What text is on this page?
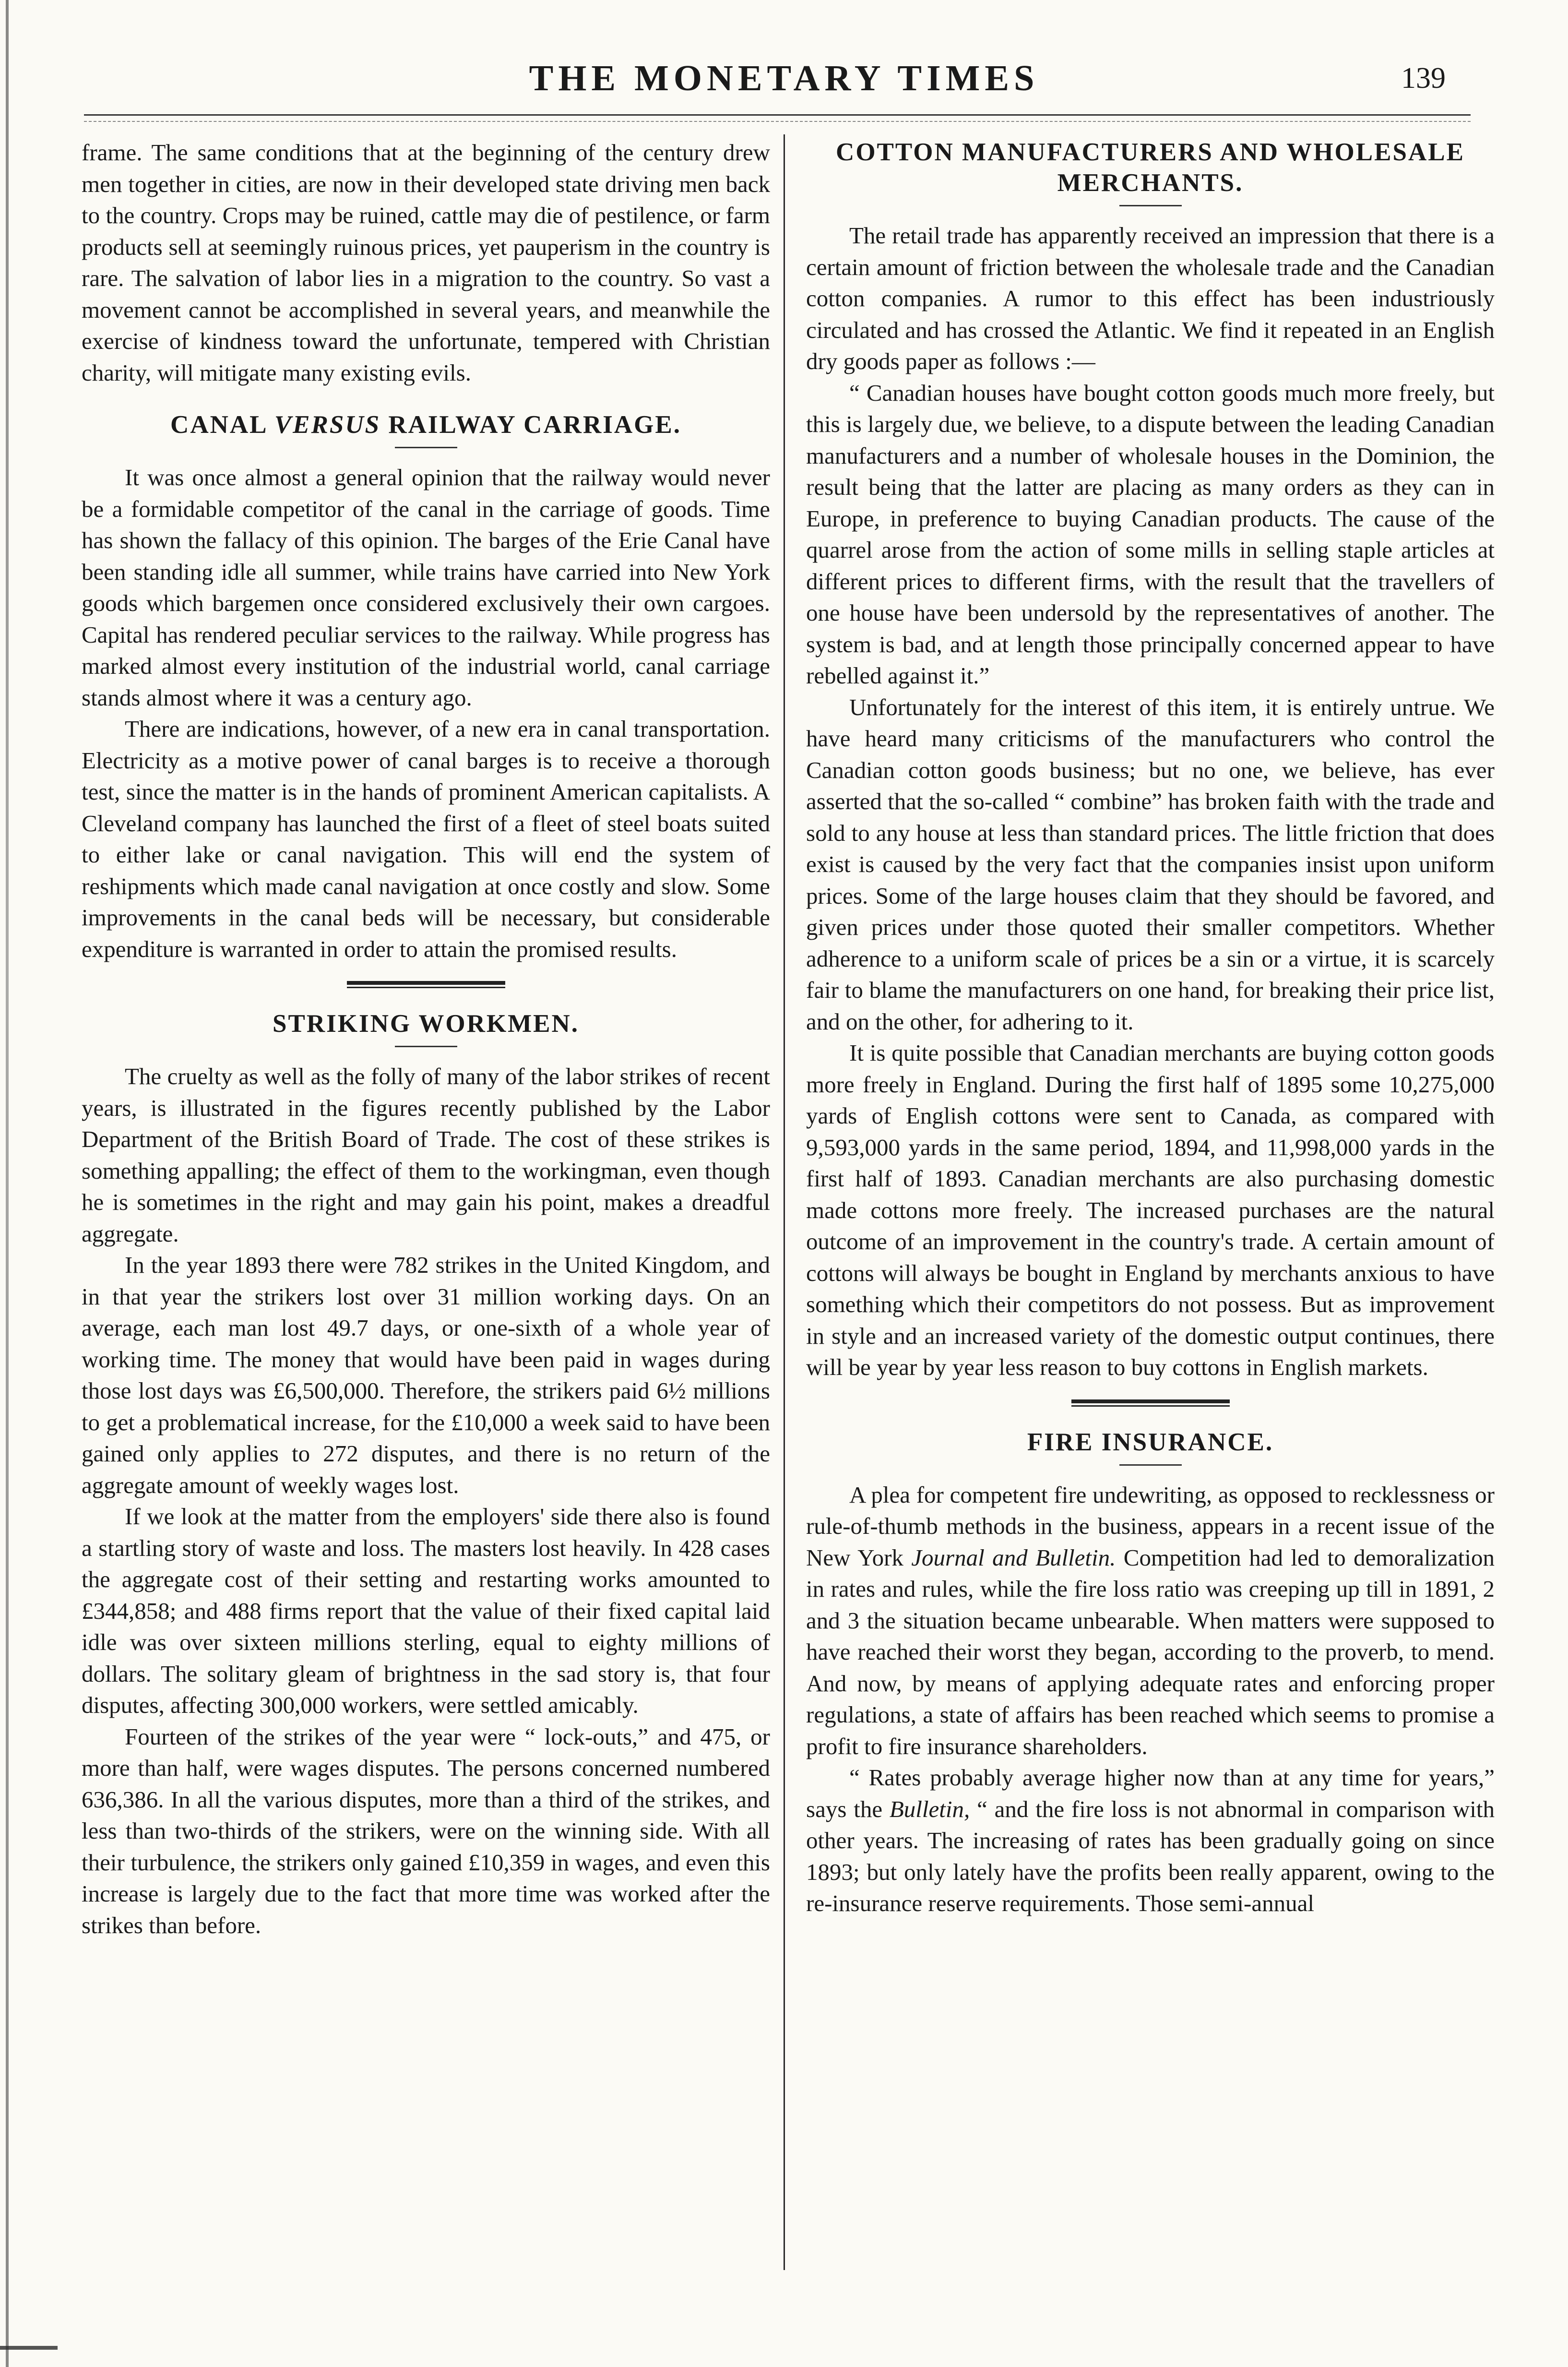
THE MONETARY TIMES	139

frame. The same conditions that at the beginning of the century drew men together in cities, are now in their developed state driving men back to the country. Crops may be ruined, cattle may die of pestilence, or farm products sell at seemingly ruinous prices, yet pauperism in the country is rare. The salvation of labor lies in a migration to the country. So vast a movement cannot be accomplished in several years, and meanwhile the exercise of kindness toward the unfortunate, tempered with Christian charity, will mitigate many existing evils.

CANAL VERSUS RAILWAY CARRIAGE.

It was once almost a general opinion that the railway would never be a formidable competitor of the canal in the carriage of goods. Time has shown the fallacy of this opinion. The barges of the Erie Canal have been standing idle all summer, while trains have carried into New York goods which bargemen once considered exclusively their own cargoes. Capital has rendered peculiar services to the railway. While progress has marked almost every institution of the industrial world, canal carriage stands almost where it was a century ago.

There are indications, however, of a new era in canal transportation. Electricity as a motive power of canal barges is to receive a thorough test, since the matter is in the hands of prominent American capitalists. A Cleveland company has launched the first of a fleet of steel boats suited to either lake or canal navigation. This will end the system of reshipments which made canal navigation at once costly and slow. Some improvements in the canal beds will be necessary, but considerable expenditure is warranted in order to attain the promised results.

STRIKING WORKMEN.

The cruelty as well as the folly of many of the labor strikes of recent years, is illustrated in the figures recently published by the Labor Department of the British Board of Trade. The cost of these strikes is something appalling; the effect of them to the workingman, even though he is sometimes in the right and may gain his point, makes a dreadful aggregate.

In the year 1893 there were 782 strikes in the United Kingdom, and in that year the strikers lost over 31 million working days. On an average, each man lost 49.7 days, or one-sixth of a whole year of working time. The money that would have been paid in wages during those lost days was £6,500,000. Therefore, the strikers paid 6½ millions to get a problematical increase, for the £10,000 a week said to have been gained only applies to 272 disputes, and there is no return of the aggregate amount of weekly wages lost.

If we look at the matter from the employers' side there also is found a startling story of waste and loss. The masters lost heavily. In 428 cases the aggregate cost of their setting and restarting works amounted to £344,858; and 488 firms report that the value of their fixed capital laid idle was over sixteen millions sterling, equal to eighty millions of dollars. The solitary gleam of brightness in the sad story is, that four disputes, affecting 300,000 workers, were settled amicably.

Fourteen of the strikes of the year were “ lock-outs,” and 475, or more than half, were wages disputes. The persons concerned numbered 636,386. In all the various disputes, more than a third of the strikes, and less than two-thirds of the strikers, were on the winning side. With all their turbulence, the strikers only gained £10,359 in wages, and even this increase is largely due to the fact that more time was worked after the strikes than before.

COTTON MANUFACTURERS AND WHOLESALE MERCHANTS.

The retail trade has apparently received an impression that there is a certain amount of friction between the wholesale trade and the Canadian cotton companies. A rumor to this effect has been industriously circulated and has crossed the Atlantic. We find it repeated in an English dry goods paper as follows :—

“ Canadian houses have bought cotton goods much more freely, but this is largely due, we believe, to a dispute between the leading Canadian manufacturers and a number of wholesale houses in the Dominion, the result being that the latter are placing as many orders as they can in Europe, in preference to buying Canadian products. The cause of the quarrel arose from the action of some mills in selling staple articles at different prices to different firms, with the result that the travellers of one house have been undersold by the representatives of another. The system is bad, and at length those principally concerned appear to have rebelled against it.”

Unfortunately for the interest of this item, it is entirely untrue. We have heard many criticisms of the manufacturers who control the Canadian cotton goods business; but no one, we believe, has ever asserted that the so-called “ combine” has broken faith with the trade and sold to any house at less than standard prices. The little friction that does exist is caused by the very fact that the companies insist upon uniform prices. Some of the large houses claim that they should be favored, and given prices under those quoted their smaller competitors. Whether adherence to a uniform scale of prices be a sin or a virtue, it is scarcely fair to blame the manufacturers on one hand, for breaking their price list, and on the other, for adhering to it.

It is quite possible that Canadian merchants are buying cotton goods more freely in England. During the first half of 1895 some 10,275,000 yards of English cottons were sent to Canada, as compared with 9,593,000 yards in the same period, 1894, and 11,998,000 yards in the first half of 1893. Canadian merchants are also purchasing domestic made cottons more freely. The increased purchases are the natural outcome of an improvement in the country's trade. A certain amount of cottons will always be bought in England by merchants anxious to have something which their competitors do not possess. But as improvement in style and an increased variety of the domestic output continues, there will be year by year less reason to buy cottons in English markets.

FIRE INSURANCE.

A plea for competent fire undewriting, as opposed to recklessness or rule-of-thumb methods in the business, appears in a recent issue of the New York Journal and Bulletin. Competition had led to demoralization in rates and rules, while the fire loss ratio was creeping up till in 1891, 2 and 3 the situation became unbearable. When matters were supposed to have reached their worst they began, according to the proverb, to mend. And now, by means of applying adequate rates and enforcing proper regulations, a state of affairs has been reached which seems to promise a profit to fire insurance shareholders.

“ Rates probably average higher now than at any time for years,” says the Bulletin, “ and the fire loss is not abnormal in comparison with other years. The increasing of rates has been gradually going on since 1893; but only lately have the profits been really apparent, owing to the re-insurance reserve requirements. Those semi-annual
